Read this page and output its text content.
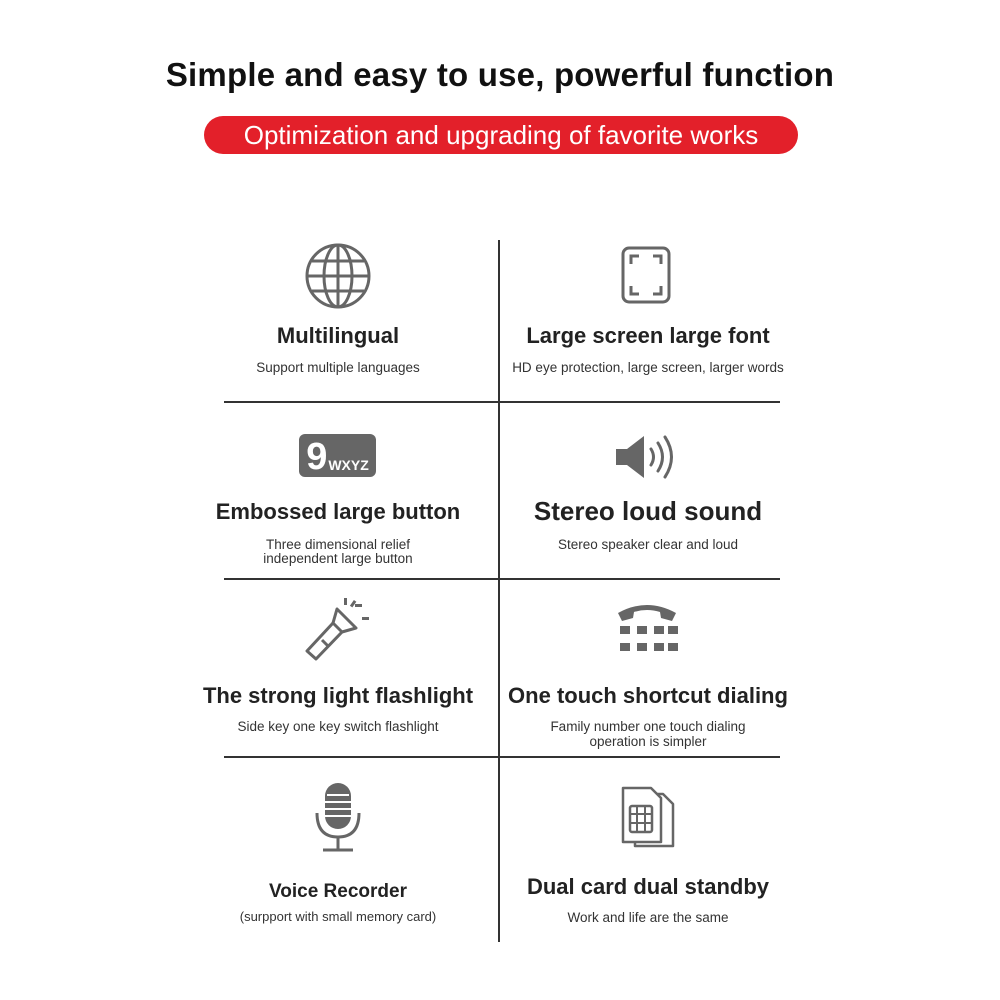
Simple and easy to use, powerful function
Optimization and upgrading of favorite works
Multilingual
Support multiple languages
Large screen large font
HD eye protection, large screen, larger words
9 WXYZ
Embossed large button
Three dimensional relief
independent large button
Stereo loud sound
Stereo speaker clear and loud
The strong light flashlight
Side key one key switch flashlight
One touch shortcut dialing
Family number one touch dialing
operation is simpler
Voice Recorder
(surpport with small memory card)
Dual card dual standby
Work and life are the same
